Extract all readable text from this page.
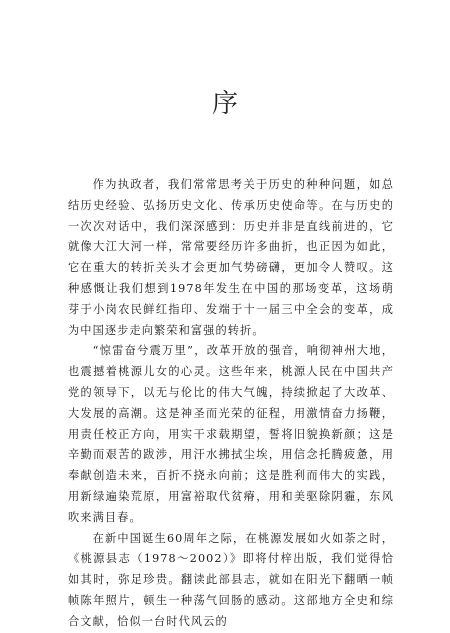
序

作为执政者，我们常常思考关于历史的种种问题，如总结历史经验、弘扬历史文化、传承历史使命等。在与历史的一次次对话中，我们深深感到：历史并非是直线前进的，它就像大江大河一样，常常要经历许多曲折，也正因为如此，它在重大的转折关头才会更加气势磅礴，更加令人赞叹。这种感慨让我们想到1978年发生在中国的那场变革，这场萌芽于小岗农民鲜红指印、发端于十一届三中全会的变革，成为中国逐步走向繁荣和富强的转折。

“惊雷奋兮震万里”，改革开放的强音，响彻神州大地，也震撼着桃源儿女的心灵。这些年来，桃源人民在中国共产党的领导下，以无与伦比的伟大气魄，持续掀起了大改革、大发展的高潮。这是神圣而光荣的征程，用激情奋力扬鞭，用责任校正方向，用实干求载期望，誓将旧貌换新颜；这是辛勤而艰苦的跋涉，用汗水拂拭尘埃，用信念托腾疲惫，用奉献创造未来，百折不挠永向前；这是胜利而伟大的实践，用新绿遍染荒原，用富裕取代贫瘠，用和美驱除阴霾，东风吹来满目春。

在新中国诞生60周年之际，在桃源发展如火如荼之时，《桃源县志（1978～2002）》即将付梓出版，我们觉得恰如其时，弥足珍贵。翻读此部县志，就如在阳光下翻晒一帧帧陈年照片，顿生一种荡气回肠的感动。这部地方全史和综合文献，恰似一台时代风云的
